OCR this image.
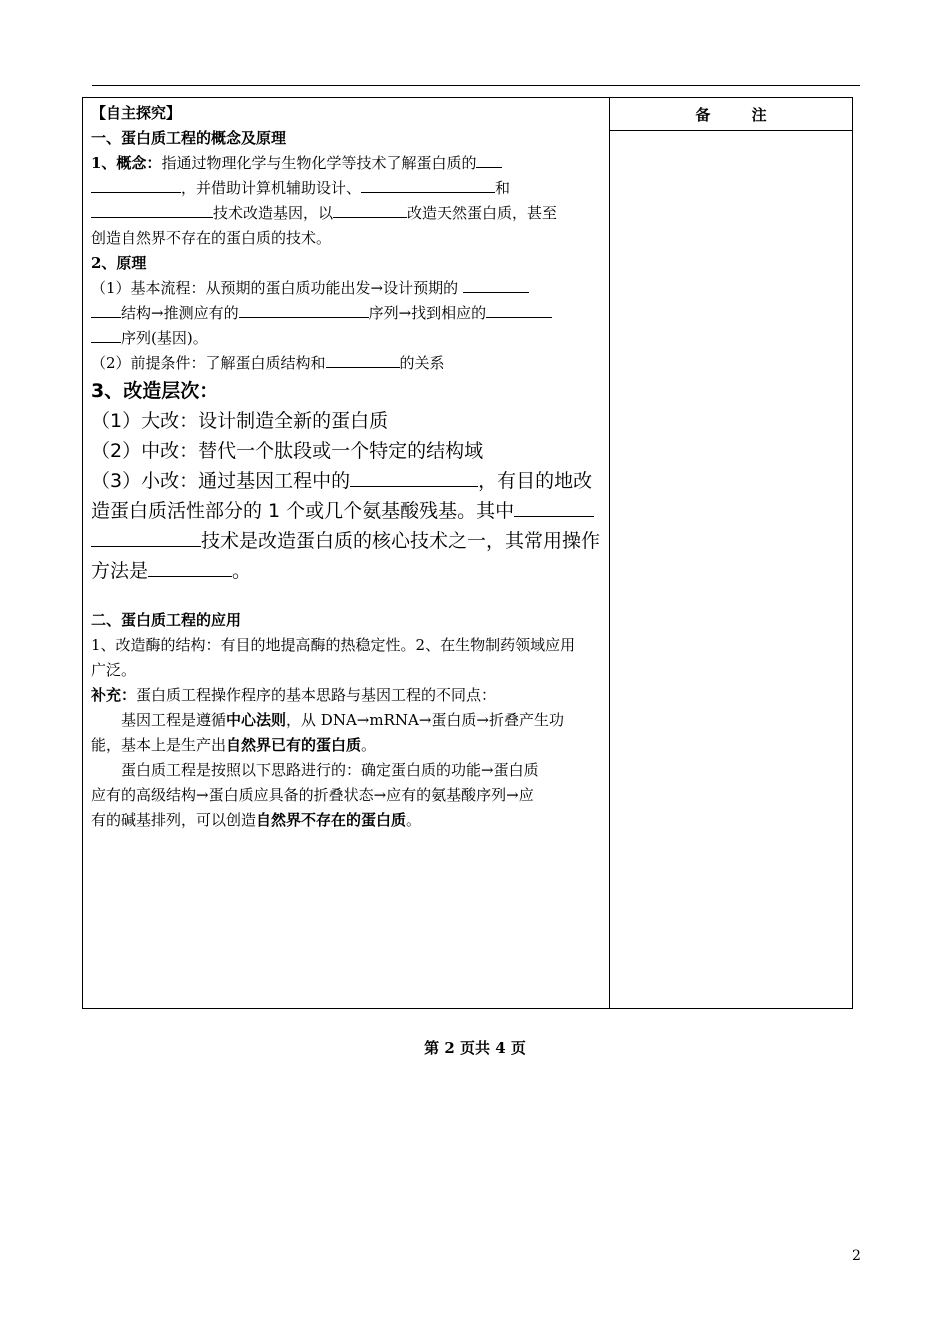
备 注
【自主探究】
一、蛋白质工程的概念及原理
1、概念：指通过物理化学与生物化学等技术了解蛋白质的
，并借助计算机辅助设计、	和
技术改造基因，以	改造天然蛋白质，甚至
创造自然界不存在的蛋白质的技术。
2、原理
（1）基本流程：从预期的蛋白质功能出发→设计预期的
结构→推测应有的	序列→找到相应的
序列(基因)。
（2）前提条件：了解蛋白质结构和	的关系
3、改造层次：
（1）大改：设计制造全新的蛋白质
（2）中改：替代一个肽段或一个特定的结构域
（3）小改：通过基因工程中的	，有目的地改
造蛋白质活性部分的 1 个或几个氨基酸残基。其中
技术是改造蛋白质的核心技术之一，其常用操作
方法是	。
二、蛋白质工程的应用
1、改造酶的结构：有目的地提高酶的热稳定性。2、在生物制药领域应用
广泛。
补充：蛋白质工程操作程序的基本思路与基因工程的不同点：
基因工程是遵循中心法则，从 DNA→mRNA→蛋白质→折叠产生功
能，基本上是生产出自然界已有的蛋白质。
蛋白质工程是按照以下思路进行的：确定蛋白质的功能→蛋白质
应有的高级结构→蛋白质应具备的折叠状态→应有的氨基酸序列→应
有的碱基排列，可以创造自然界不存在的蛋白质。
第 2 页共 4 页
2
